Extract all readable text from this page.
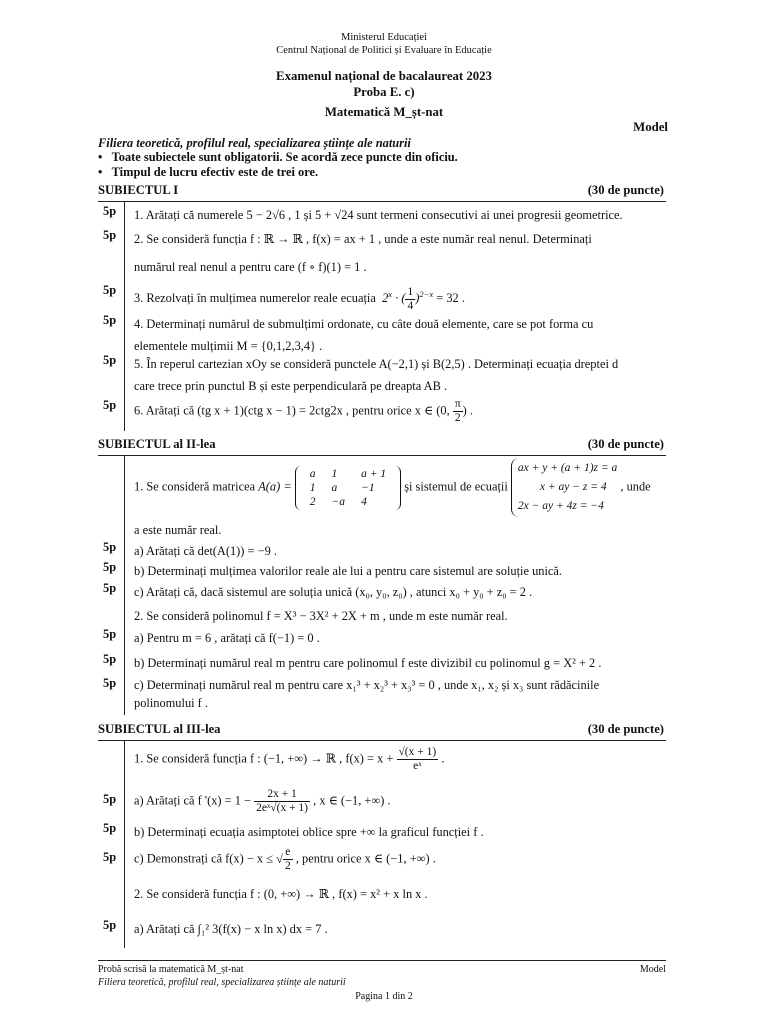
Ministerul Educației
Centrul Național de Politici și Evaluare în Educație
Examenul național de bacalaureat 2023
Proba E. c)
Matematică M_șt-nat
Model
Filiera teoretică, profilul real, specializarea științe ale naturii
•   Toate subiectele sunt obligatorii. Se acordă zece puncte din oficiu.
•   Timpul de lucru efectiv este de trei ore.
SUBIECTUL I	(30 de puncte)
5p 1. Arătați că numerele 5 − 2√6 , 1 și 5 + √24 sunt termeni consecutivi ai unei progresii geometrice.
5p 2. Se consideră funcția f : ℝ → ℝ , f(x) = ax + 1 , unde a este număr real nenul. Determinați
numărul real nenul a pentru care (f ∘ f)(1) = 1 .
5p
3. Rezolvați în mulțimea numerelor reale ecuația  $2^x$ · ( $\frac{1}{4} )^{2-x} = 32$ .
5p 4. Determinați numărul de submulțimi ordonate, cu câte două elemente, care se pot forma cu
elementele mulțimii M = {0,1,2,3,4} .
5p 5. În reperul cartezian xOy se consideră punctele A(−2,1) și B(2,5) . Determinați ecuația dreptei d
care trece prin punctul B și este perpendiculară pe dreapta AB .
5p 6. Arătați că (tg x + 1)(ctg x − 1) = 2ctg2x , pentru orice x ∈ (0, $\frac{\pi}{2}$ ) .
SUBIECTUL al II-lea	(30 de puncte)
1. Se consideră matricea A(a) =
a	1	a + 1
1	a	−1
2	−a	4
și sistemul de ecuații
ax + y + (a + 1)z = a
x + ay − z = 4
2x − ay + 4z = −4
, unde
a este număr real.
5p a) Arătați că det(A(1)) = −9 .
5p b) Determinați mulțimea valorilor reale ale lui a pentru care sistemul are soluție unică.
5p c) Arătați că, dacă sistemul are soluția unică (x₀, y₀, z₀) , atunci x₀ + y₀ + z₀ = 2 .
2. Se consideră polinomul f = X³ − 3X² + 2X + m , unde m este număr real.
5p a) Pentru m = 6 , arătați că f(−1) = 0 .
5p b) Determinați numărul real m pentru care polinomul f este divizibil cu polinomul g = X² + 2 .
5p c) Determinați numărul real m pentru care x₁³ + x₂³ + x₃³ = 0 , unde x₁, x₂ și x₃ sunt rădăcinile
polinomului f .
SUBIECTUL al III-lea	(30 de puncte)
1. Se consideră funcția f : (−1, +∞) → ℝ , $f(x) = x + \frac{√(x + 1)}{\text{eˣ}}$ .
5p a) Arătați că f '$(x) = 1 - \frac{2x + 1}{\text{2eˣ√(x + 1)}}$ , x ∈ (−1, +∞) .
5p b) Determinați ecuația asimptotei oblice spre +∞ la graficul funcției f .
5p c) Demonstrați că f(x) − x ≤ √ $\frac{e}{2}$ , pentru orice x ∈ (−1, +∞) .
2. Se consideră funcția f : (0, +∞) → ℝ , f(x) = x² + x ln x .
5p a) Arătați că ∫₁² 3(f(x) − x ln x) dx = 7 .
Probă scrisă la matematică M_șt-nat	Model
Filiera teoretică, profilul real, specializarea științe ale naturii
Pagina 1 din 2
